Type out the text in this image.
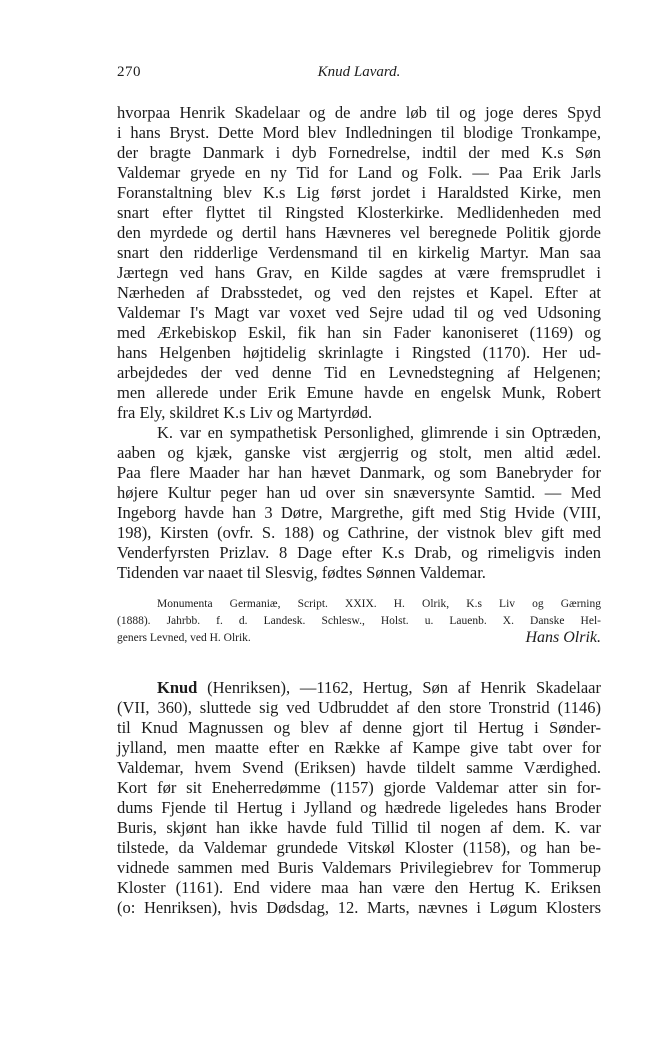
270	Knud Lavard.
hvorpaa Henrik Skadelaar og de andre løb til og joge deres Spyd
i hans Bryst. Dette Mord blev Indledningen til blodige Tronkampe,
der bragte Danmark i dyb Fornedrelse, indtil der med K.s Søn
Valdemar gryede en ny Tid for Land og Folk. — Paa Erik Jarls
Foranstaltning blev K.s Lig først jordet i Haraldsted Kirke, men
snart efter flyttet til Ringsted Klosterkirke. Medlidenheden med
den myrdede og dertil hans Hævneres vel beregnede Politik gjorde
snart den ridderlige Verdensmand til en kirkelig Martyr. Man saa
Jærtegn ved hans Grav, en Kilde sagdes at være fremsprudlet i
Nærheden af Drabsstedet, og ved den rejstes et Kapel. Efter at
Valdemar I's Magt var voxet ved Sejre udad til og ved Udsoning
med Ærkebiskop Eskil, fik han sin Fader kanoniseret (1169) og
hans Helgenben højtidelig skrinlagte i Ringsted (1170). Her ud-
arbejdedes der ved denne Tid en Levnedstegning af Helgenen;
men allerede under Erik Emune havde en engelsk Munk, Robert
fra Ely, skildret K.s Liv og Martyrdød.
K. var en sympathetisk Personlighed, glimrende i sin Optræden,
aaben og kjæk, ganske vist ærgjerrig og stolt, men altid ædel.
Paa flere Maader har han hævet Danmark, og som Banebryder for
højere Kultur peger han ud over sin snæversynte Samtid. — Med
Ingeborg havde han 3 Døtre, Margrethe, gift med Stig Hvide (VIII,
198), Kirsten (ovfr. S. 188) og Cathrine, der vistnok blev gift med
Venderfyrsten Prizlav. 8 Dage efter K.s Drab, og rimeligvis inden
Tidenden var naaet til Slesvig, fødtes Sønnen Valdemar.
Monumenta Germaniæ, Script. XXIX. H. Olrik, K.s Liv og Gærning
(1888). Jahrbb. f. d. Landesk. Schlesw., Holst. u. Lauenb. X. Danske Hel-
geners Levned, ved H. Olrik.	Hans Olrik.
Knud (Henriksen), —1162, Hertug, Søn af Henrik Skadelaar
(VII, 360), sluttede sig ved Udbruddet af den store Tronstrid (1146)
til Knud Magnussen og blev af denne gjort til Hertug i Sønder-
jylland, men maatte efter en Række af Kampe give tabt over for
Valdemar, hvem Svend (Eriksen) havde tildelt samme Værdighed.
Kort før sit Eneherredømme (1157) gjorde Valdemar atter sin for-
dums Fjende til Hertug i Jylland og hædrede ligeledes hans Broder
Buris, skjønt han ikke havde fuld Tillid til nogen af dem. K. var
tilstede, da Valdemar grundede Vitskøl Kloster (1158), og han be-
vidnede sammen med Buris Valdemars Privilegiebrev for Tommerup
Kloster (1161). End videre maa han være den Hertug K. Eriksen
(o: Henriksen), hvis Dødsdag, 12. Marts, nævnes i Løgum Klosters
